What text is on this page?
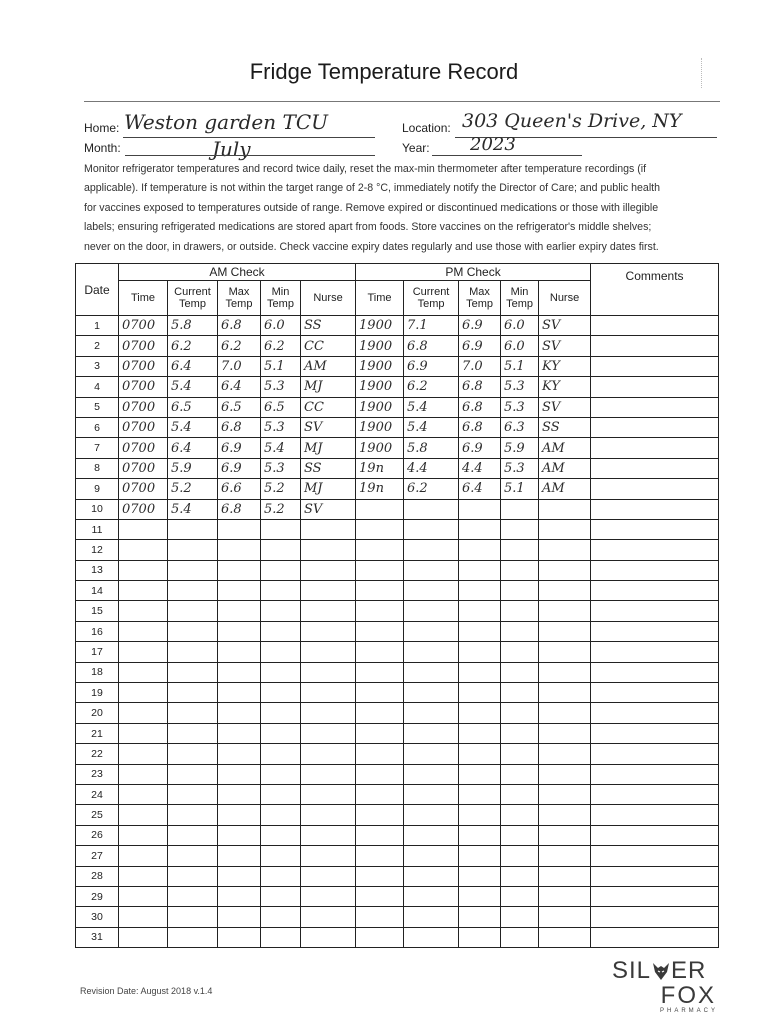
Fridge Temperature Record
Home: Weston garden TCU	Location: 303 Queen's Drive, NY
Month:	July	Year: 2023

Monitor refrigerator temperatures and record twice daily, reset the max-min thermometer after temperature recordings (if

applicable). If temperature is not within the target range of 2-8 °C, immediately notify the Director of Care; and public health

for vaccines exposed to temperatures outside of range. Remove expired or discontinued medications or those with illegible

labels; ensuring refrigerated medications are stored apart from foods. Store vaccines on the refrigerator's middle shelves;

never on the door, in drawers, or outside. Check vaccine expiry dates regularly and use those with earlier expiry dates first.

Date	AM Check					PM Check					Comments
	Time	Current Temp	Max Temp	Min Temp	Nurse	Time	Current Temp	Max Temp	Min Temp	Nurse	
1	0700	5.8	6.8	6.0	SS	1900	7.1	6.9	6.0	SV	
2	0700	6.2	6.2	6.2	CC	1900	6.8	6.9	6.0	SV	
3	0700	6.4	7.0	5.1	AM	1900	6.9	7.0	5.1	KY	
4	0700	5.4	6.4	5.3	MJ	1900	6.2	6.8	5.3	KY	
5	0700	6.5	6.5	6.5	CC	1900	5.4	6.8	5.3	SV	
6	0700	5.4	6.8	5.3	SV	1900	5.4	6.8	6.3	SS	
7	0700	6.4	6.9	5.4	MJ	1900	5.8	6.9	5.9	AM	
8	0700	5.9	6.9	5.3	SS	19n	4.4	4.4	5.3	AM	
9	0700	5.2	6.6	5.2	MJ	19n	6.2	6.4	5.1	AM	
10	0700	5.4	6.8	5.2	SV						
11											
12											
13											
14											
15											
16											
17											
18											
19											
20											
21											
22											
23											
24											
25											
26											
27											
28											
29											
30											
31											
Revision Date: August 2018 v.1.4
SIL ER
FOX
PHARMACY
